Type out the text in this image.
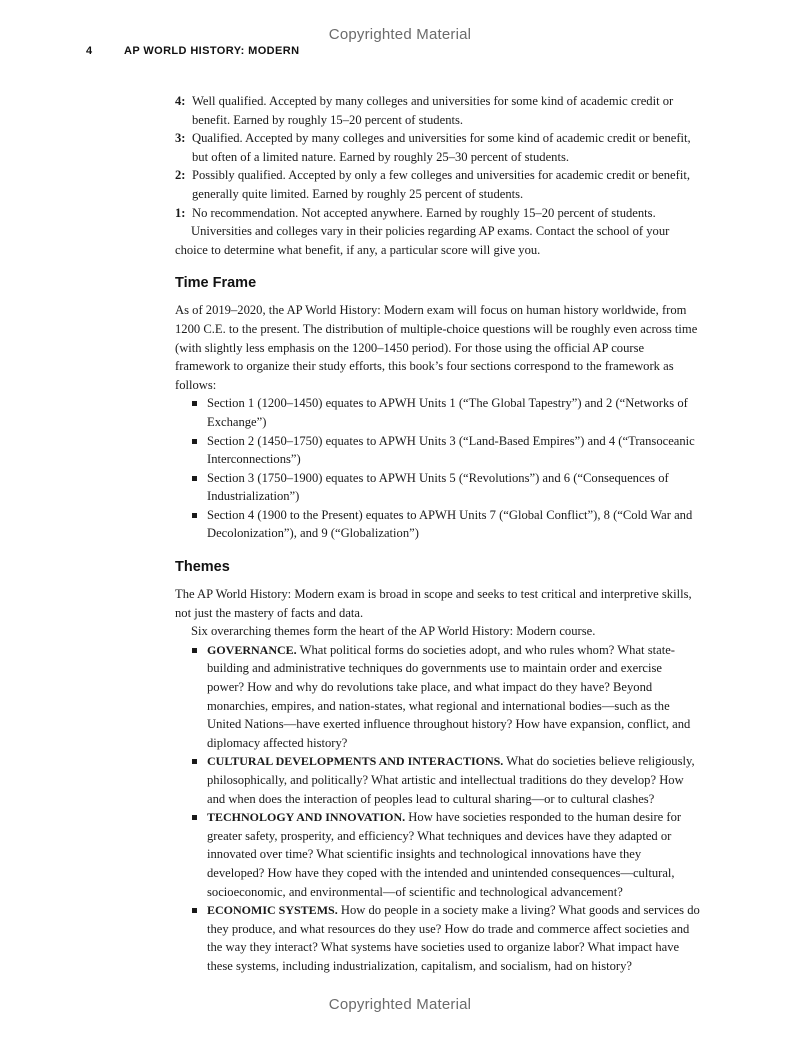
Copyrighted Material
4	AP WORLD HISTORY: MODERN

4: Well qualified. Accepted by many colleges and universities for some kind of academic credit or benefit. Earned by roughly 15–20 percent of students.

3: Qualified. Accepted by many colleges and universities for some kind of academic credit or benefit, but often of a limited nature. Earned by roughly 25–30 percent of students.

2: Possibly qualified. Accepted by only a few colleges and universities for academic credit or benefit, generally quite limited. Earned by roughly 25 percent of students.

1: No recommendation. Not accepted anywhere. Earned by roughly 15–20 percent of students.

Universities and colleges vary in their policies regarding AP exams. Contact the school of your choice to determine what benefit, if any, a particular score will give you.

Time Frame

As of 2019–2020, the AP World History: Modern exam will focus on human history worldwide, from 1200 C.E. to the present. The distribution of multiple-choice questions will be roughly even across time (with slightly less emphasis on the 1200–1450 period). For those using the official AP course framework to organize their study efforts, this book’s four sections correspond to the framework as follows:

Section 1 (1200–1450) equates to APWH Units 1 (“The Global Tapestry”) and 2 (“Networks of Exchange”)
Section 2 (1450–1750) equates to APWH Units 3 (“Land-Based Empires”) and 4 (“Transoceanic Interconnections”)
Section 3 (1750–1900) equates to APWH Units 5 (“Revolutions”) and 6 (“Consequences of Industrialization”)
Section 4 (1900 to the Present) equates to APWH Units 7 (“Global Conflict”), 8 (“Cold War and Decolonization”), and 9 (“Globalization”)
Themes

The AP World History: Modern exam is broad in scope and seeks to test critical and interpretive skills, not just the mastery of facts and data.

Six overarching themes form the heart of the AP World History: Modern course.

GOVERNANCE. What political forms do societies adopt, and who rules whom? What state-building and administrative techniques do governments use to maintain order and exercise power? How and why do revolutions take place, and what impact do they have? Beyond monarchies, empires, and nation-states, what regional and international bodies—such as the United Nations—have exerted influence throughout history? How have expansion, conflict, and diplomacy affected history?
CULTURAL DEVELOPMENTS AND INTERACTIONS. What do societies believe religiously, philosophically, and politically? What artistic and intellectual traditions do they develop? How and when does the interaction of peoples lead to cultural sharing—or to cultural clashes?
TECHNOLOGY AND INNOVATION. How have societies responded to the human desire for greater safety, prosperity, and efficiency? What techniques and devices have they adapted or innovated over time? What scientific insights and technological innovations have they developed? How have they coped with the intended and unintended consequences—cultural, socioeconomic, and environmental—of scientific and technological advancement?
ECONOMIC SYSTEMS. How do people in a society make a living? What goods and services do they produce, and what resources do they use? How do trade and commerce affect societies and the way they interact? What systems have societies used to organize labor? What impact have these systems, including industrialization, capitalism, and socialism, had on history?
Copyrighted Material
